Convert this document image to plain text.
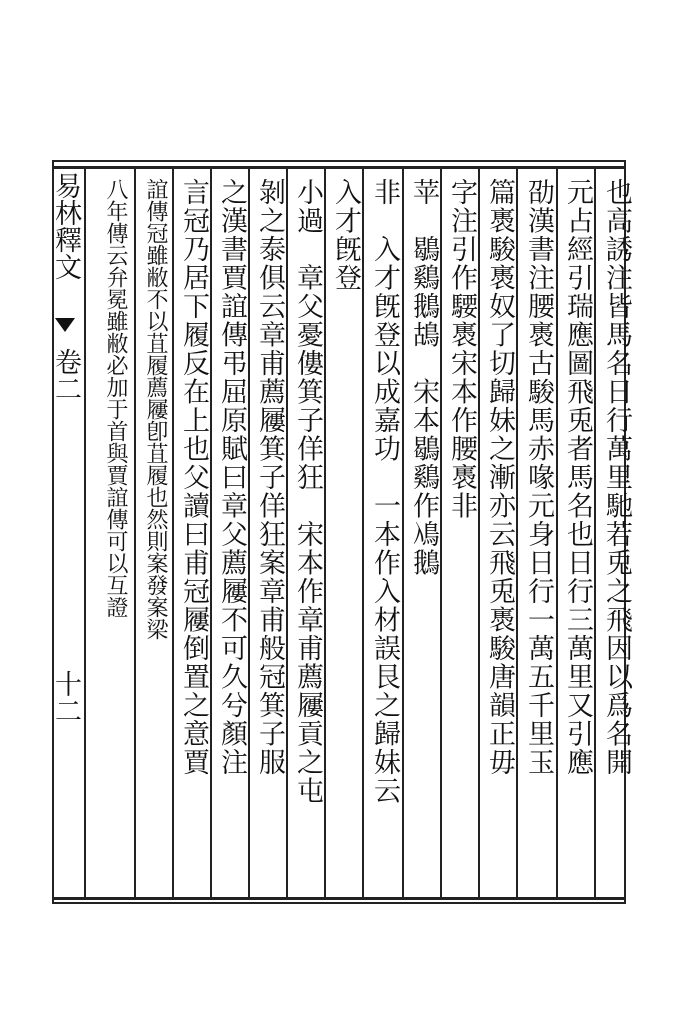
易林釋文卷二
十二	也高誘注皆馬名日行萬里馳若兎之飛因以爲名開
元占經引瑞應圖飛兎者馬名也日行三萬里又引應
劭漢書注腰褭古駿馬赤喙元身日行一萬五千里玉
篇褭駿褭奴了切歸妹之漸亦云飛兎褭駿唐韻正毋
字注引作騕褭宋本作腰褭非
苹　鶡鷄鵝鴣　宋本鶡鷄作鳰鵝
非　入才旣登以成嘉功　一本作入材誤艮之歸妹云
入才旣登
小過　章父憂僂箕子佯狂　宋本作章甫薦屨貢之屯
剝之泰俱云章甫薦屨箕子佯狂案章甫般冠箕子服
之漢書賈誼傳弔屈原賦曰章父薦屨不可久兮顏注
言冠乃居下履反在上也父讀曰甫冠屨倒置之意賈
誼傳冠雖敝不以苴履薦屨卽苴履也然則案發案梁
八年傳云弁冕雖敝必加于首與賈誼傳可以互證
